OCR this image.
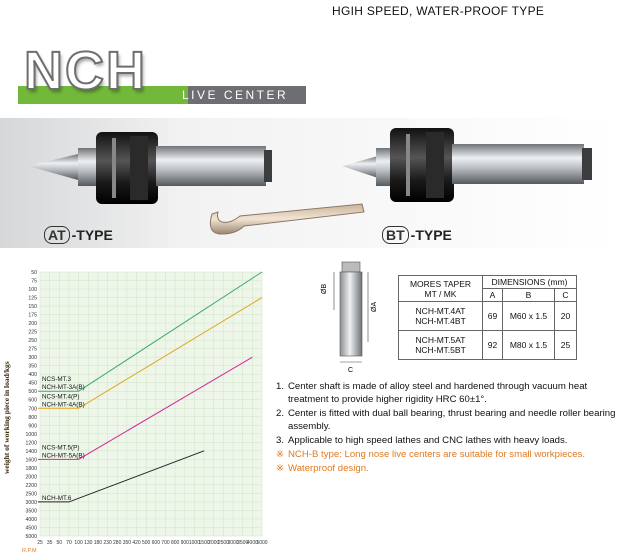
HGIH SPEED, WATER-PROOF TYPE
NCH	LIVE CENTER
AT -TYPE	BT -TYPE
ØB
ØA
C
MORES TAPER
MT / MK	DIMENSIONS (mm)		
	A	B	C
NCH-MT.4AT
NCH-MT.4BT	69	M60 x 1.5	20
NCH-MT.5AT
NCH-MT.5BT	92	M80 x 1.5	25
1. Center shaft is made of alloy steel and hardened through vacuum heat treatment to provide higher rigidity HRC 60±1°.
2. Center is fitted with dual ball bearing, thrust bearing and needle roller bearing assembly.
3. Applicable to high speed lathes and CNC lathes with heavy loads.
※ NCH-B type: Long nose live centers are suitable for small workpieces.
※ Waterproof design.
50
75
100
125
150
175
200
225
250
275
300
350
400
450
500
600
700
800
900
1000
1200
1400
1600
1800
2000
2200
2500
3000
3500
4000
4500
5000
25 35 50 70 100 130 180 230 280 350 420 500 600 700 800 900 1000
1500
2000
2500
3000
3500
4000
5000
R.P.M
weight of working piece in load/kgs	NCS-MT.3
NCH-MT-3A(B)
NCS-MT.4(P)
NCH-MT-4A(B)
NCS-MT.5(P)
NCH-MT-5A(B)
NCH-MT.6
